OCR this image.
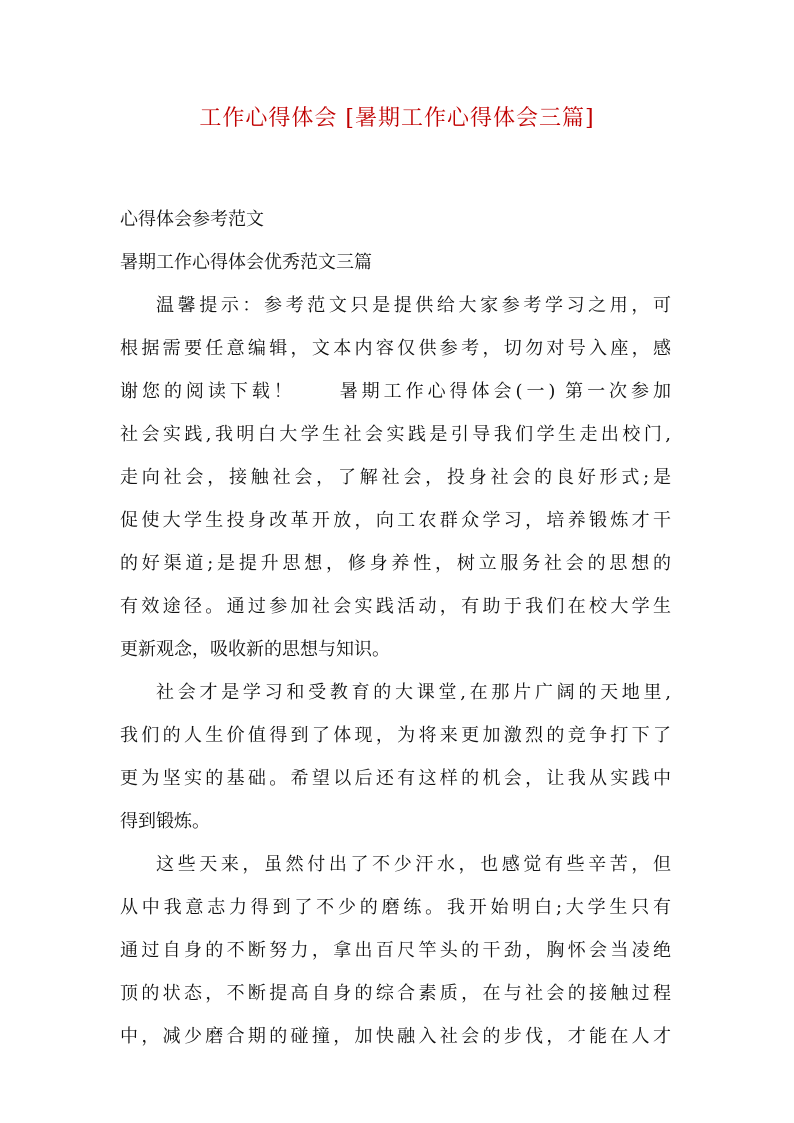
工作心得体会 [暑期工作心得体会三篇]
心得体会参考范文
暑期工作心得体会优秀范文三篇
温馨提示：参考范文只是提供给大家参考学习之用，可
根据需要任意编辑，文本内容仅供参考，切勿对号入座，感
谢您的阅读下载！　　暑期工作心得体会(一) 第一次参加
社会实践,我明白大学生社会实践是引导我们学生走出校门,
走向社会，接触社会，了解社会，投身社会的良好形式;是
促使大学生投身改革开放，向工农群众学习，培养锻炼才干
的好渠道;是提升思想，修身养性，树立服务社会的思想的
有效途径。通过参加社会实践活动，有助于我们在校大学生
更新观念，吸收新的思想与知识。
社会才是学习和受教育的大课堂,在那片广阔的天地里,
我们的人生价值得到了体现，为将来更加激烈的竞争打下了
更为坚实的基础。希望以后还有这样的机会，让我从实践中
得到锻炼。
这些天来，虽然付出了不少汗水，也感觉有些辛苦，但
从中我意志力得到了不少的磨练。我开始明白;大学生只有
通过自身的不断努力，拿出百尺竿头的干劲，胸怀会当凌绝
顶的状态，不断提高自身的综合素质，在与社会的接触过程
中，减少磨合期的碰撞，加快融入社会的步伐，才能在人才
